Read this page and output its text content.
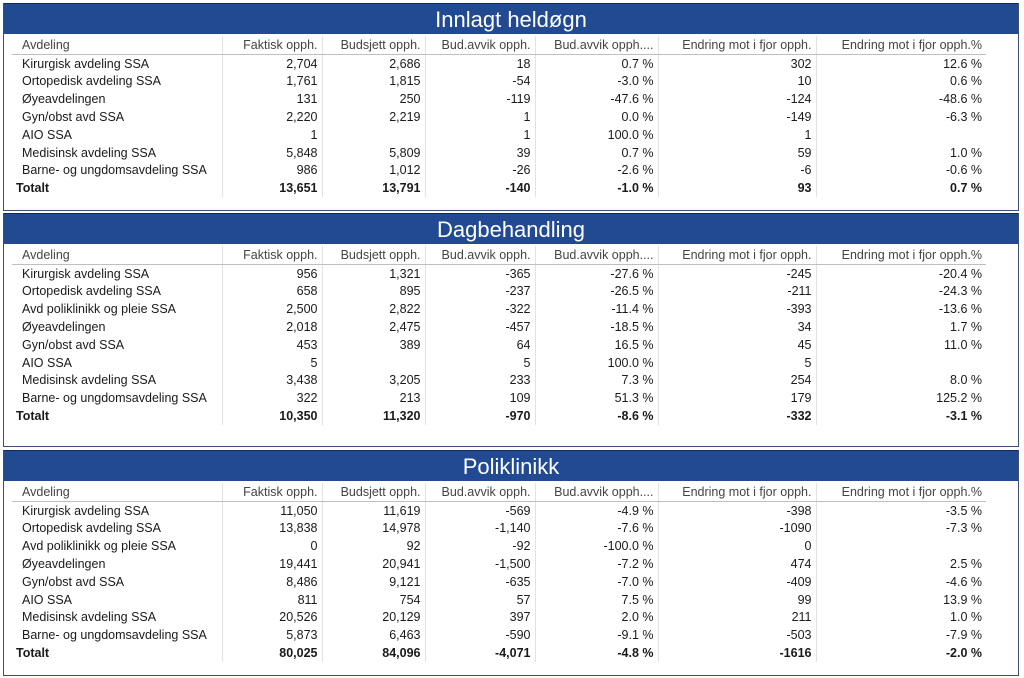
Innlagt heldøgn
Avdeling	Faktisk opph.	Budsjett opph.	Bud.avvik opph.	Bud.avvik opph....	Endring mot i fjor opph.	Endring mot i fjor opph.%
Kirurgisk avdeling SSA	2,704	2,686	18	0.7 %	302	12.6 %
Ortopedisk avdeling SSA	1,761	1,815	-54	-3.0 %	10	0.6 %
Øyeavdelingen	131	250	-119	-47.6 %	-124	-48.6 %
Gyn/obst avd SSA	2,220	2,219	1	0.0 %	-149	-6.3 %
AIO SSA	1		1	100.0 %	1	
Medisinsk avdeling SSA	5,848	5,809	39	0.7 %	59	1.0 %
Barne- og ungdomsavdeling SSA	986	1,012	-26	-2.6 %	-6	-0.6 %
Totalt	13,651	13,791	-140	-1.0 %	93	0.7 %
Dagbehandling
Avdeling	Faktisk opph.	Budsjett opph.	Bud.avvik opph.	Bud.avvik opph....	Endring mot i fjor opph.	Endring mot i fjor opph.%
Kirurgisk avdeling SSA	956	1,321	-365	-27.6 %	-245	-20.4 %
Ortopedisk avdeling SSA	658	895	-237	-26.5 %	-211	-24.3 %
Avd poliklinikk og pleie SSA	2,500	2,822	-322	-11.4 %	-393	-13.6 %
Øyeavdelingen	2,018	2,475	-457	-18.5 %	34	1.7 %
Gyn/obst avd SSA	453	389	64	16.5 %	45	11.0 %
AIO SSA	5		5	100.0 %	5	
Medisinsk avdeling SSA	3,438	3,205	233	7.3 %	254	8.0 %
Barne- og ungdomsavdeling SSA	322	213	109	51.3 %	179	125.2 %
Totalt	10,350	11,320	-970	-8.6 %	-332	-3.1 %
Poliklinikk
Avdeling	Faktisk opph.	Budsjett opph.	Bud.avvik opph.	Bud.avvik opph....	Endring mot i fjor opph.	Endring mot i fjor opph.%
Kirurgisk avdeling SSA	11,050	11,619	-569	-4.9 %	-398	-3.5 %
Ortopedisk avdeling SSA	13,838	14,978	-1,140	-7.6 %	-1090	-7.3 %
Avd poliklinikk og pleie SSA	0	92	-92	-100.0 %	0	
Øyeavdelingen	19,441	20,941	-1,500	-7.2 %	474	2.5 %
Gyn/obst avd SSA	8,486	9,121	-635	-7.0 %	-409	-4.6 %
AIO SSA	811	754	57	7.5 %	99	13.9 %
Medisinsk avdeling SSA	20,526	20,129	397	2.0 %	211	1.0 %
Barne- og ungdomsavdeling SSA	5,873	6,463	-590	-9.1 %	-503	-7.9 %
Totalt	80,025	84,096	-4,071	-4.8 %	-1616	-2.0 %
